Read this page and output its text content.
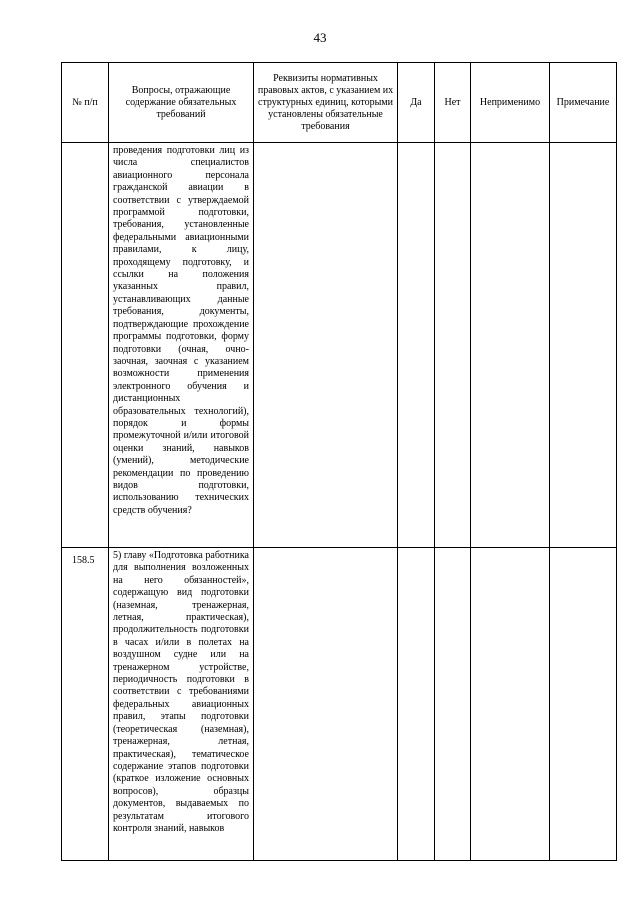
43
№ п/п	Вопросы, отражающие содержание обязательных требований	Реквизиты нормативных правовых актов, с указанием их структурных единиц, которыми установлены обязательные требования	Да	Нет	Неприменимо	Примечание

	проведения подготовки лиц из числа специалистов авиационного персонала гражданской авиации в соответствии с утверждаемой программой подготовки, требования, установленные федеральными авиационными правилами, к лицу, проходящему подготовку, и ссылки на положения указанных правил, устанавливающих данные требования, документы, подтверждающие прохождение программы подготовки, форму подготовки (очная, очно-заочная, заочная с указанием возможности применения электронного обучения и дистанционных образовательных технологий), порядок и формы промежуточной и/или итоговой оценки знаний, навыков (умений), методические рекомендации по проведению видов подготовки, использованию технических средств обучения?					

158.5	5) главу «Подготовка работника для выполнения возложенных на него обязанностей», содержащую вид подготовки (наземная, тренажерная, летная, практическая), продолжительность подготовки в часах и/или в полетах на воздушном судне или на тренажерном устройстве, периодичность подготовки в соответствии с требованиями федеральных авиационных правил, этапы подготовки (теоретическая (наземная), тренажерная, летная, практическая), тематическое содержание этапов подготовки (краткое изложение основных вопросов), образцы документов, выдаваемых по результатам итогового контроля знаний, навыков					
